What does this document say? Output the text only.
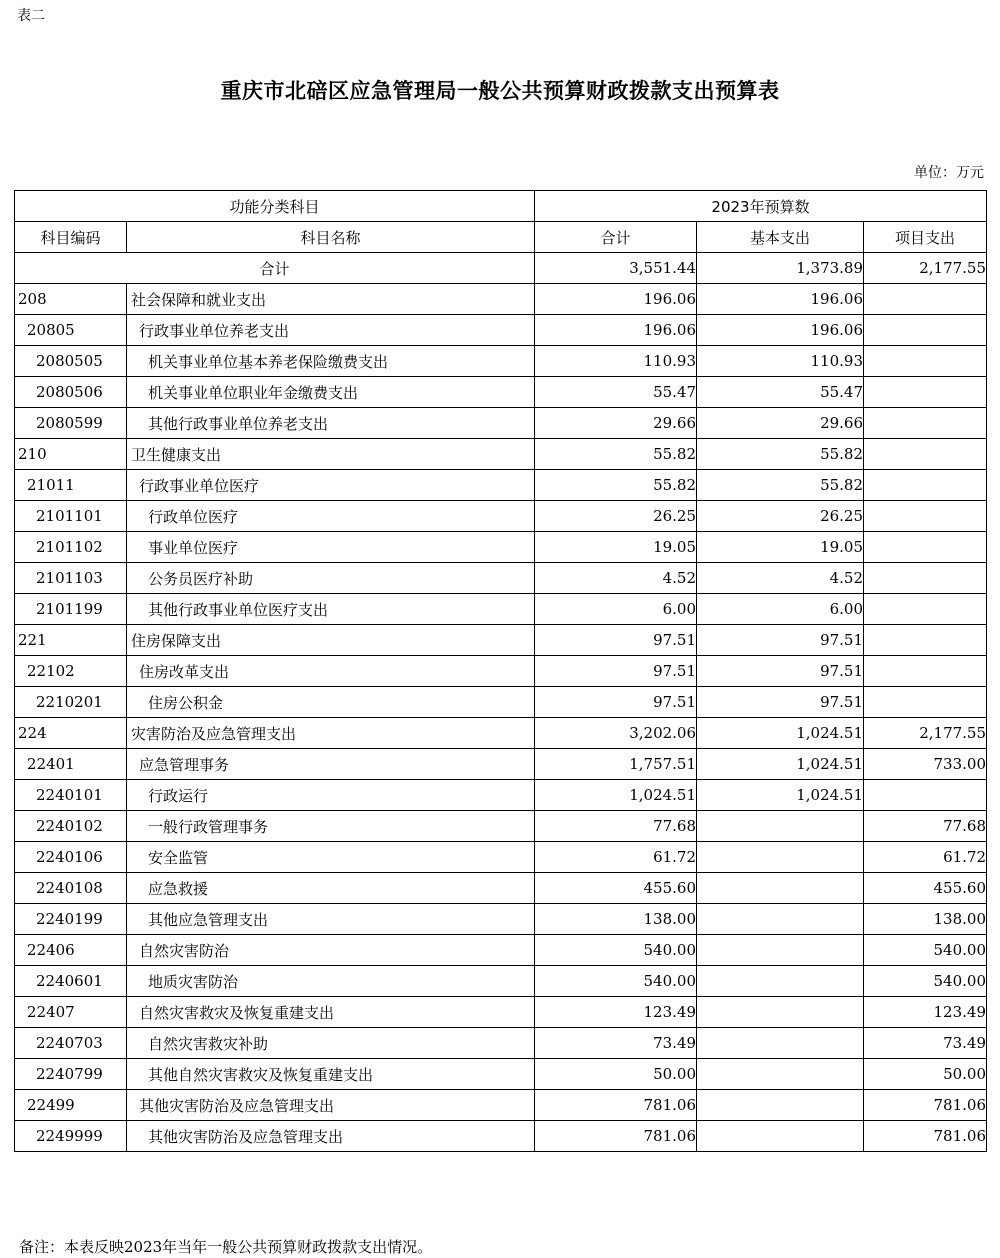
表二
重庆市北碚区应急管理局一般公共预算财政拨款支出预算表
单位：万元
功能分类科目		2023年预算数		
科目编码	科目名称	合计	基本支出	项目支出
合计		3,551.44	1,373.89	2,177.55
208	社会保障和就业支出	196.06	196.06	
20805	行政事业单位养老支出	196.06	196.06	
2080505	机关事业单位基本养老保险缴费支出	110.93	110.93	
2080506	机关事业单位职业年金缴费支出	55.47	55.47	
2080599	其他行政事业单位养老支出	29.66	29.66	
210	卫生健康支出	55.82	55.82	
21011	行政事业单位医疗	55.82	55.82	
2101101	行政单位医疗	26.25	26.25	
2101102	事业单位医疗	19.05	19.05	
2101103	公务员医疗补助	4.52	4.52	
2101199	其他行政事业单位医疗支出	6.00	6.00	
221	住房保障支出	97.51	97.51	
22102	住房改革支出	97.51	97.51	
2210201	住房公积金	97.51	97.51	
224	灾害防治及应急管理支出	3,202.06	1,024.51	2,177.55
22401	应急管理事务	1,757.51	1,024.51	733.00
2240101	行政运行	1,024.51	1,024.51	
2240102	一般行政管理事务	77.68		77.68
2240106	安全监管	61.72		61.72
2240108	应急救援	455.60		455.60
2240199	其他应急管理支出	138.00		138.00
22406	自然灾害防治	540.00		540.00
2240601	地质灾害防治	540.00		540.00
22407	自然灾害救灾及恢复重建支出	123.49		123.49
2240703	自然灾害救灾补助	73.49		73.49
2240799	其他自然灾害救灾及恢复重建支出	50.00		50.00
22499	其他灾害防治及应急管理支出	781.06		781.06
2249999	其他灾害防治及应急管理支出	781.06		781.06
备注：本表反映2023年当年一般公共预算财政拨款支出情况。
